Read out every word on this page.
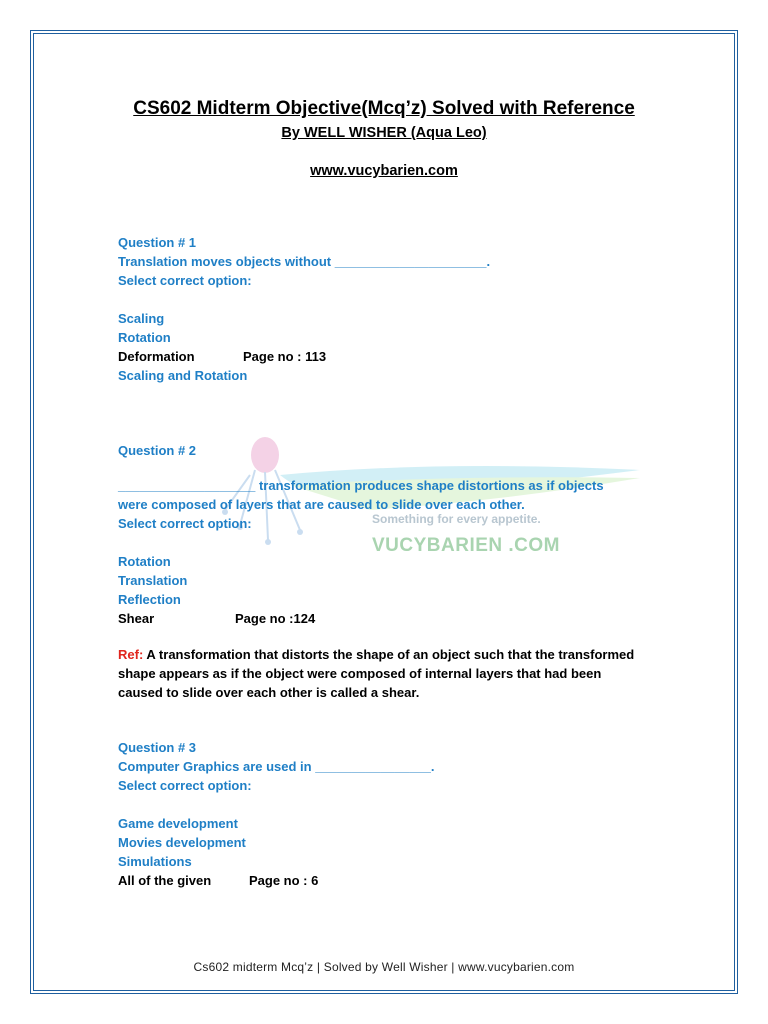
Something for every appetite.
VUCYBARIEN .COM
CS602 Midterm Objective(Mcq’z) Solved with Reference
By WELL WISHER (Aqua Leo)
www.vucybarien.com
Question # 1
Translation moves objects without _____________________.
Select correct option:
Scaling
Rotation
Deformation	Page no : 113
Scaling and Rotation
Question # 2
___________________ transformation produces shape distortions as if objects
were composed of layers that are caused to slide over each other.
Select correct option:
Rotation
Translation
Reflection
Shear	Page no :124
Ref: A transformation that distorts the shape of an object such that the transformed shape appears as if the object were composed of internal layers that had been caused to slide over each other is called a shear.
Question # 3
Computer Graphics are used in ________________.
Select correct option:
Game development
Movies development
Simulations
All of the given	Page no : 6
Cs602 midterm Mcq’z | Solved by Well Wisher | www.vucybarien.com
